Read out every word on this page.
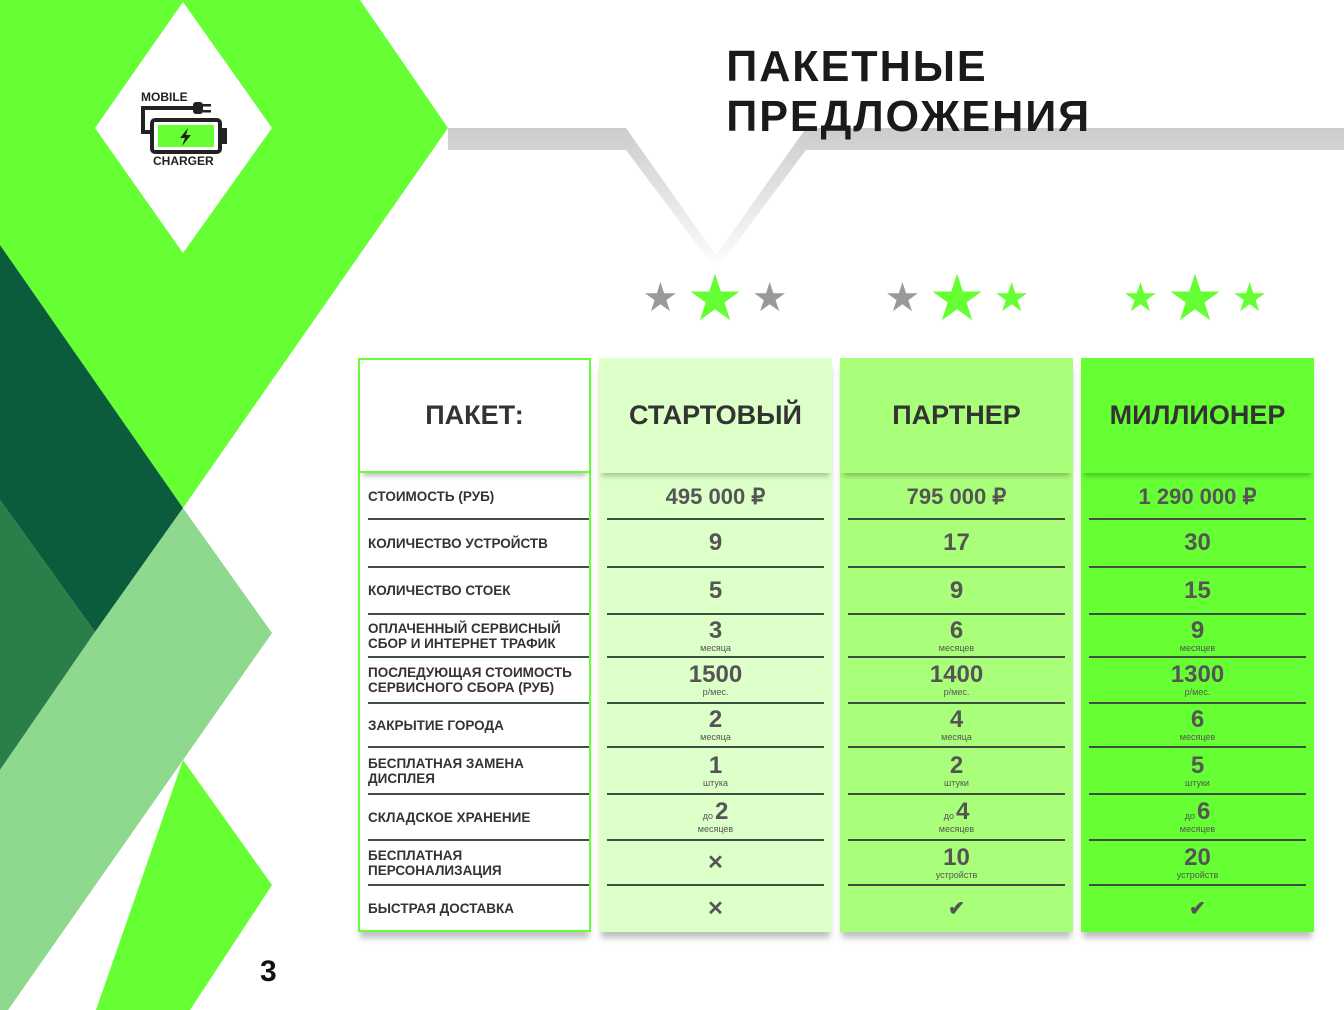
MOBILE
CHARGER
ПАКЕТНЫЕ ПРЕДЛОЖЕНИЯ
3
ПАКЕТ:
СТОИМОСТЬ (РУБ)
КОЛИЧЕСТВО УСТРОЙСТВ
КОЛИЧЕСТВО СТОЕК
ОПЛАЧЕННЫЙ СЕРВИСНЫЙ СБОР И ИНТЕРНЕТ ТРАФИК
ПОСЛЕДУЮЩАЯ СТОИМОСТЬ СЕРВИСНОГО СБОРА (РУБ)
ЗАКРЫТИЕ ГОРОДА
БЕСПЛАТНАЯ ЗАМЕНА ДИСПЛЕЯ
СКЛАДСКОЕ ХРАНЕНИЕ
БЕСПЛАТНАЯ ПЕРСОНАЛИЗАЦИЯ
БЫСТРАЯ ДОСТАВКА
СТАРТОВЫЙ
495 000 ₽
9
5
3
месяца
1500
р/мес.
2
месяца
1
штука
до 2
месяцев
✕
✕
ПАРТНЕР
795 000 ₽
17
9
6
месяцев
1400
р/мес.
4
месяца
2
штуки
до 4
месяцев
10
устройств
✔
МИЛЛИОНЕР
1 290 000 ₽
30
15
9
месяцев
1300
р/мес.
6
месяцев
5
штуки
до 6
месяцев
20
устройств
✔
★ ★ ★ ★ ★ ★ ★ ★ ★
